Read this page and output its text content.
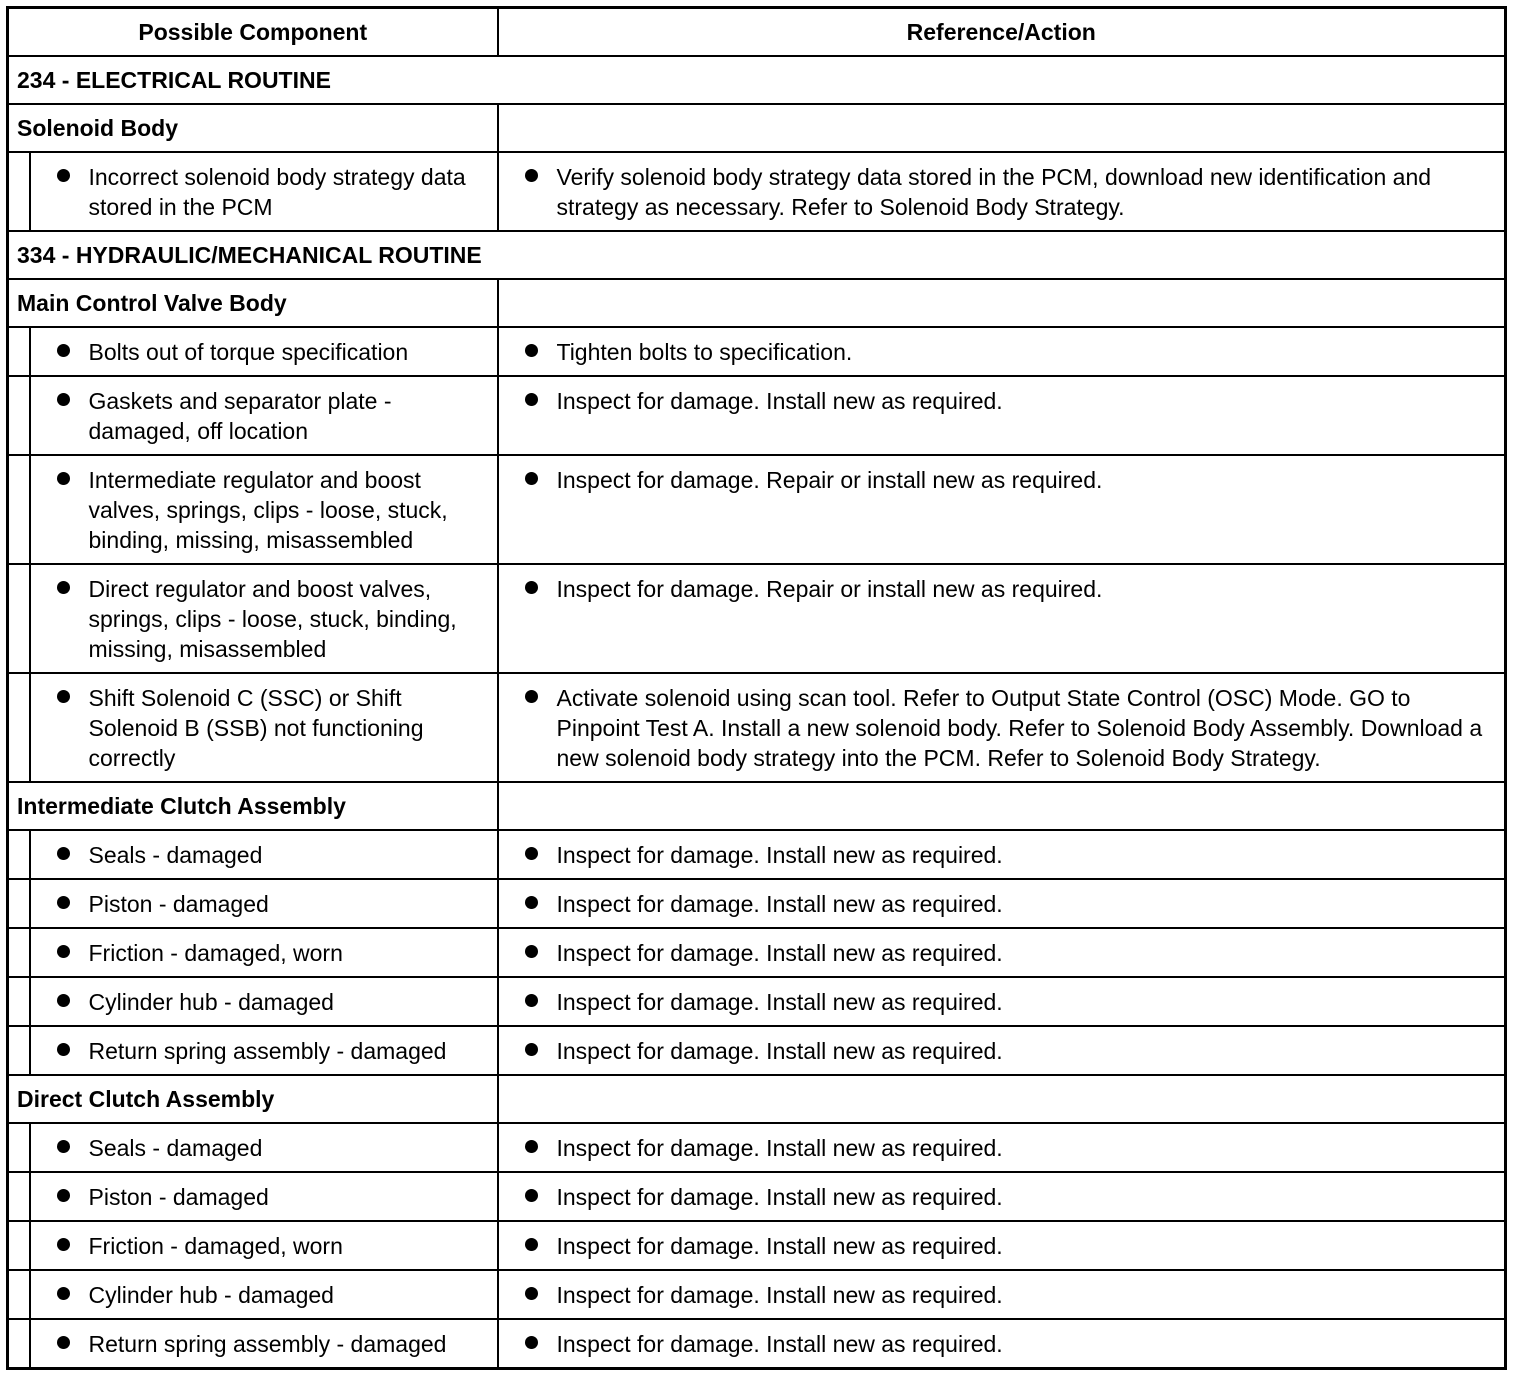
Possible Component		Reference/Action
234 - ELECTRICAL ROUTINE		
Solenoid Body		

Incorrect solenoid body strategy data stored in the PCM	Verify solenoid body strategy data stored in the PCM, download new identification and strategy as necessary. Refer to Solenoid Body Strategy.
334 - HYDRAULIC/MECHANICAL ROUTINE		
Main Control Valve Body		

Bolts out of torque specification	Tighten bolts to specification.

Gaskets and separator plate - damaged, off location	Inspect for damage. Install new as required.

Intermediate regulator and boost valves, springs, clips - loose, stuck, binding, missing, misassembled	Inspect for damage. Repair or install new as required.

Direct regulator and boost valves, springs, clips - loose, stuck, binding, missing, misassembled	Inspect for damage. Repair or install new as required.

Shift Solenoid C (SSC) or Shift Solenoid B (SSB) not functioning correctly	Activate solenoid using scan tool. Refer to Output State Control (OSC) Mode. GO to Pinpoint Test A. Install a new solenoid body. Refer to Solenoid Body Assembly. Download a new solenoid body strategy into the PCM. Refer to Solenoid Body Strategy.
Intermediate Clutch Assembly		

Seals - damaged	Inspect for damage. Install new as required.

Piston - damaged	Inspect for damage. Install new as required.

Friction - damaged, worn	Inspect for damage. Install new as required.

Cylinder hub - damaged	Inspect for damage. Install new as required.

Return spring assembly - damaged	Inspect for damage. Install new as required.
Direct Clutch Assembly		

Seals - damaged	Inspect for damage. Install new as required.

Piston - damaged	Inspect for damage. Install new as required.

Friction - damaged, worn	Inspect for damage. Install new as required.

Cylinder hub - damaged	Inspect for damage. Install new as required.

Return spring assembly - damaged	Inspect for damage. Install new as required.
